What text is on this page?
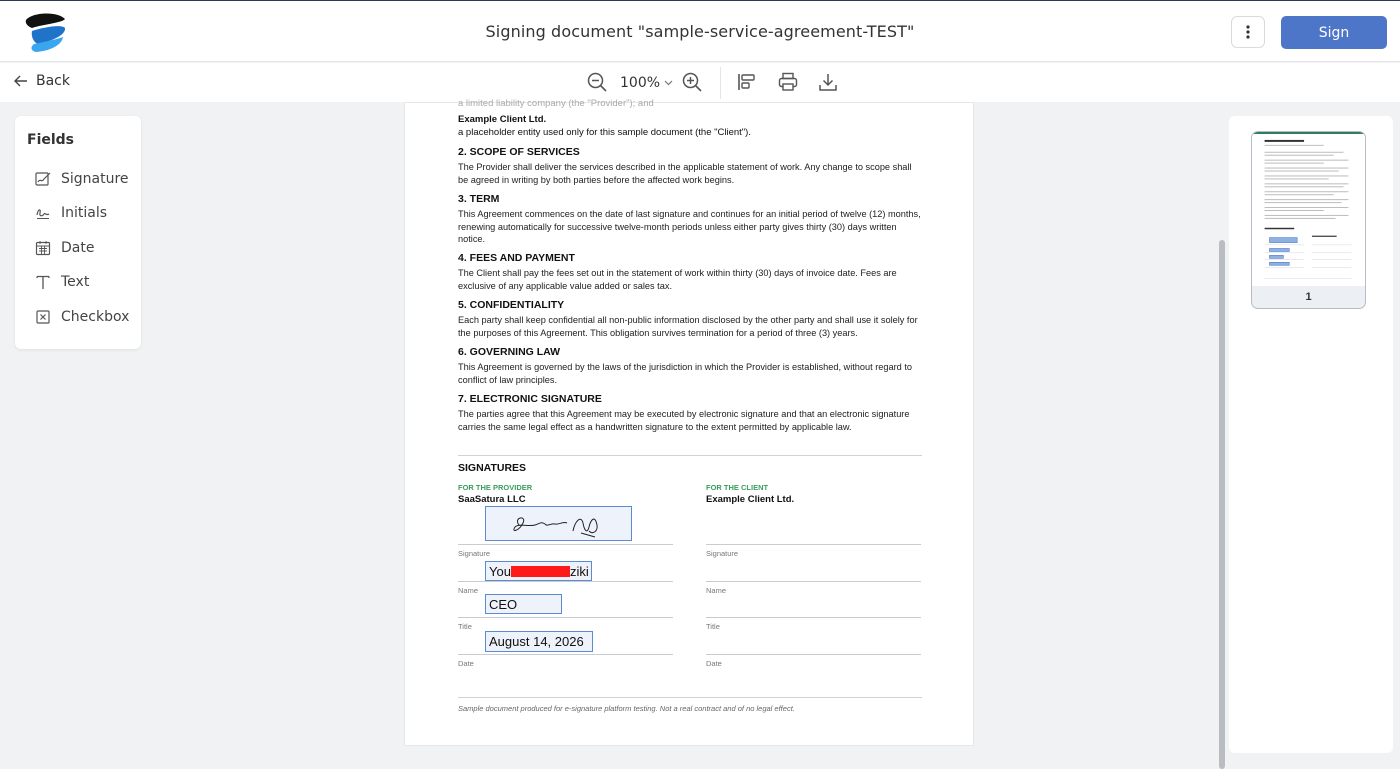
Signing document "sample-service-agreement-TEST"	Sign
Back	100%
Fields
Signature
Initials
Date
Text
Checkbox
a limited liability company (the "Provider"); and
Example Client Ltd.
a placeholder entity used only for this sample document (the "Client").
2. SCOPE OF SERVICES
The Provider shall deliver the services described in the applicable statement of work. Any change to scope shall be agreed in writing by both parties before the affected work begins.
3. TERM
This Agreement commences on the date of last signature and continues for an initial period of twelve (12) months, renewing automatically for successive twelve-month periods unless either party gives thirty (30) days written notice.
4. FEES AND PAYMENT
The Client shall pay the fees set out in the statement of work within thirty (30) days of invoice date. Fees are exclusive of any applicable value added or sales tax.
5. CONFIDENTIALITY
Each party shall keep confidential all non-public information disclosed by the other party and shall use it solely for the purposes of this Agreement. This obligation survives termination for a period of three (3) years.
6. GOVERNING LAW
This Agreement is governed by the laws of the jurisdiction in which the Provider is established, without regard to conflict of law principles.
7. ELECTRONIC SIGNATURE
The parties agree that this Agreement may be executed by electronic signature and that an electronic signature carries the same legal effect as a handwritten signature to the extent permitted by applicable law.
SIGNATURES
FOR THE PROVIDER
SaaSatura LLC
Signature
You	ziki
Name
CEO
Title
August 14, 2026
Date
FOR THE CLIENT
Example Client Ltd.
Signature
Name
Title
Date
Sample document produced for e-signature platform testing. Not a real contract and of no legal effect.
1
